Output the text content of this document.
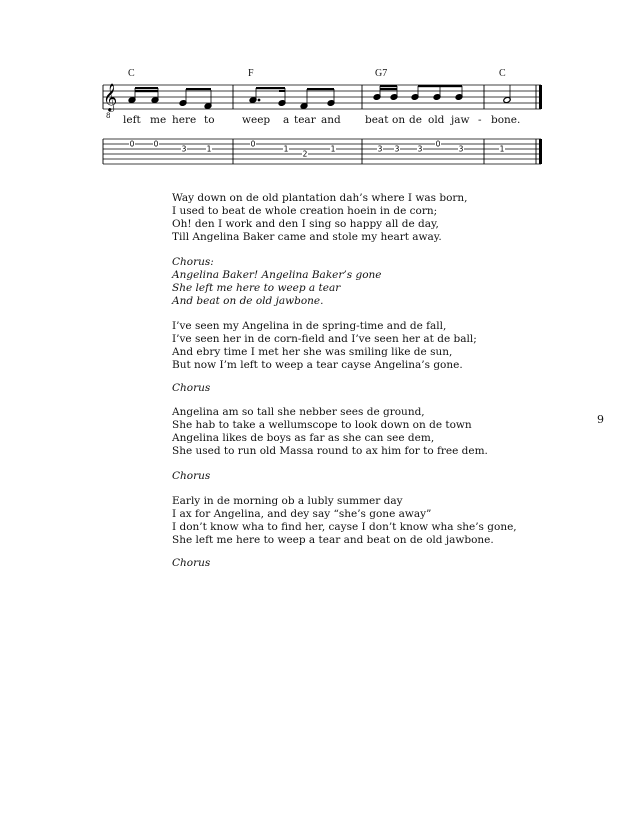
𝄞
8
0	0
3	1
0
1
2
1	3 3 3
0
3	1
C	F	G7	C
left me here to	weep a tear and beat on de old jaw - bone.
Way down on de old plantation dah’s where I was born,
I used to beat de whole creation hoein in de corn;
Oh! den I work and den I sing so happy all de day,
Till Angelina Baker came and stole my heart away.
Chorus:
Angelina Baker! Angelina Baker’s gone
She left me here to weep a tear
And beat on de old jawbone.
I’ve seen my Angelina in de spring-time and de fall,
I’ve seen her in de corn-field and I’ve seen her at de ball;
And ebry time I met her she was smiling like de sun,
But now I’m left to weep a tear cayse Angelina’s gone.
Chorus
Angelina am so tall she nebber sees de ground,
She hab to take a wellumscope to look down on de town
Angelina likes de boys as far as she can see dem,
She used to run old Massa round to ax him for to free dem.
Chorus
Early in de morning ob a lubly summer day
I ax for Angelina, and dey say “she’s gone away”
I don’t know wha to find her, cayse I don’t know wha she’s gone,
She left me here to weep a tear and beat on de old jawbone.
Chorus
9
